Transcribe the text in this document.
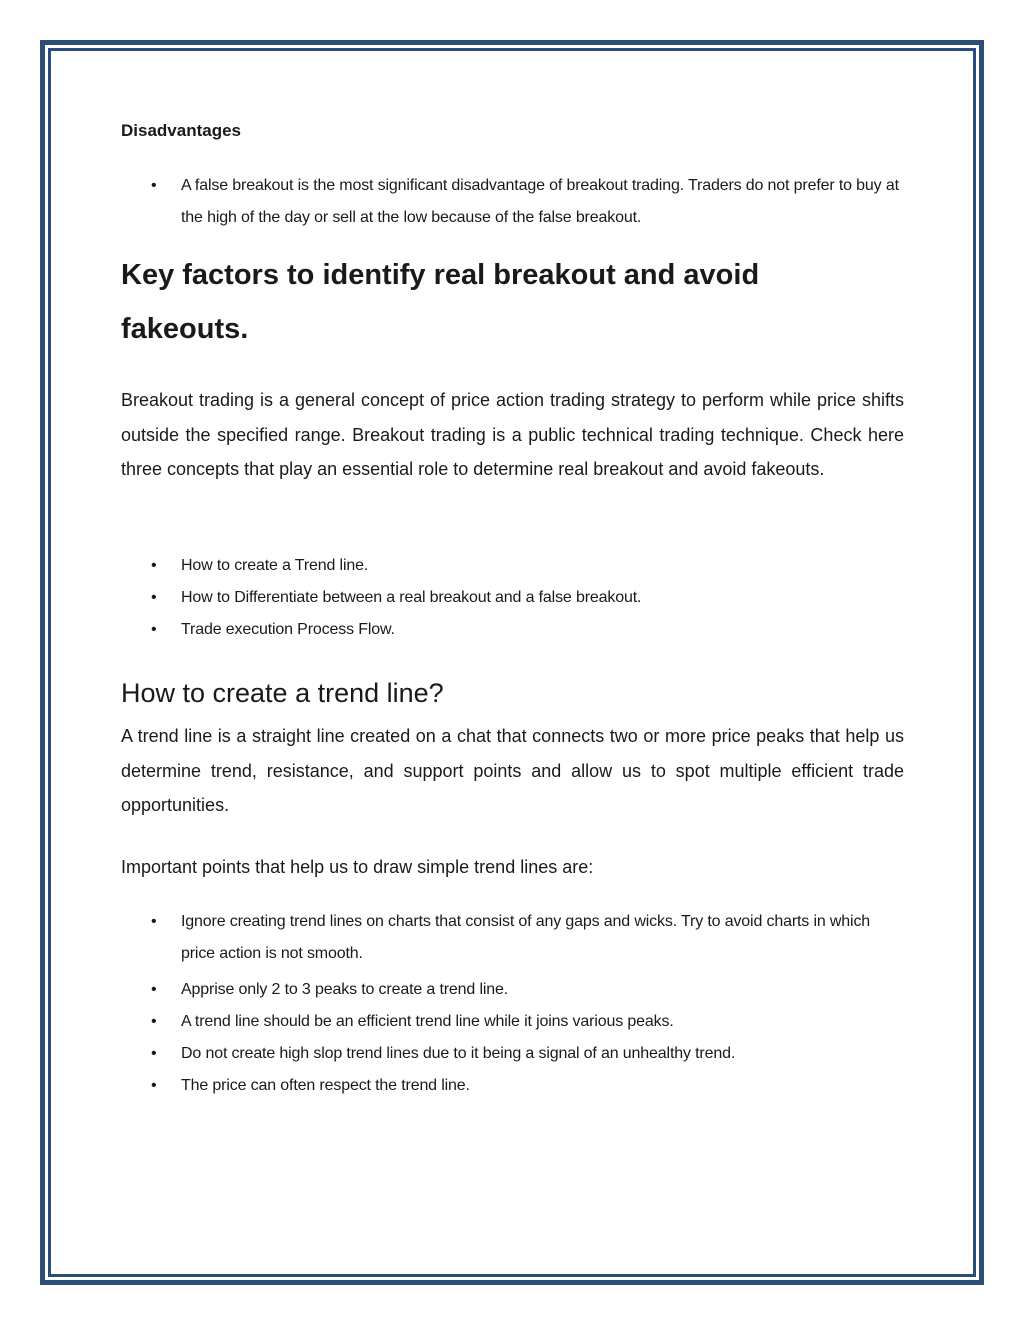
Disadvantages
• A false breakout is the most significant disadvantage of breakout trading. Traders do not prefer to buy at the high of the day or sell at the low because of the false breakout.
Key factors to identify real breakout and avoid fakeouts.

Breakout trading is a general concept of price action trading strategy to perform while price shifts outside the specified range. Breakout trading is a public technical trading technique. Check here three concepts that play an essential role to determine real breakout and avoid fakeouts.

• How to create a Trend line.
• How to Differentiate between a real breakout and a false breakout.
• Trade execution Process Flow.
How to create a trend line?

A trend line is a straight line created on a chat that connects two or more price peaks that help us determine trend, resistance, and support points and allow us to spot multiple efficient trade opportunities.

Important points that help us to draw simple trend lines are:

• Ignore creating trend lines on charts that consist of any gaps and wicks. Try to avoid charts in which price action is not smooth.
• Apprise only 2 to 3 peaks to create a trend line.
• A trend line should be an efficient trend line while it joins various peaks.
• Do not create high slop trend lines due to it being a signal of an unhealthy trend.
• The price can often respect the trend line.
